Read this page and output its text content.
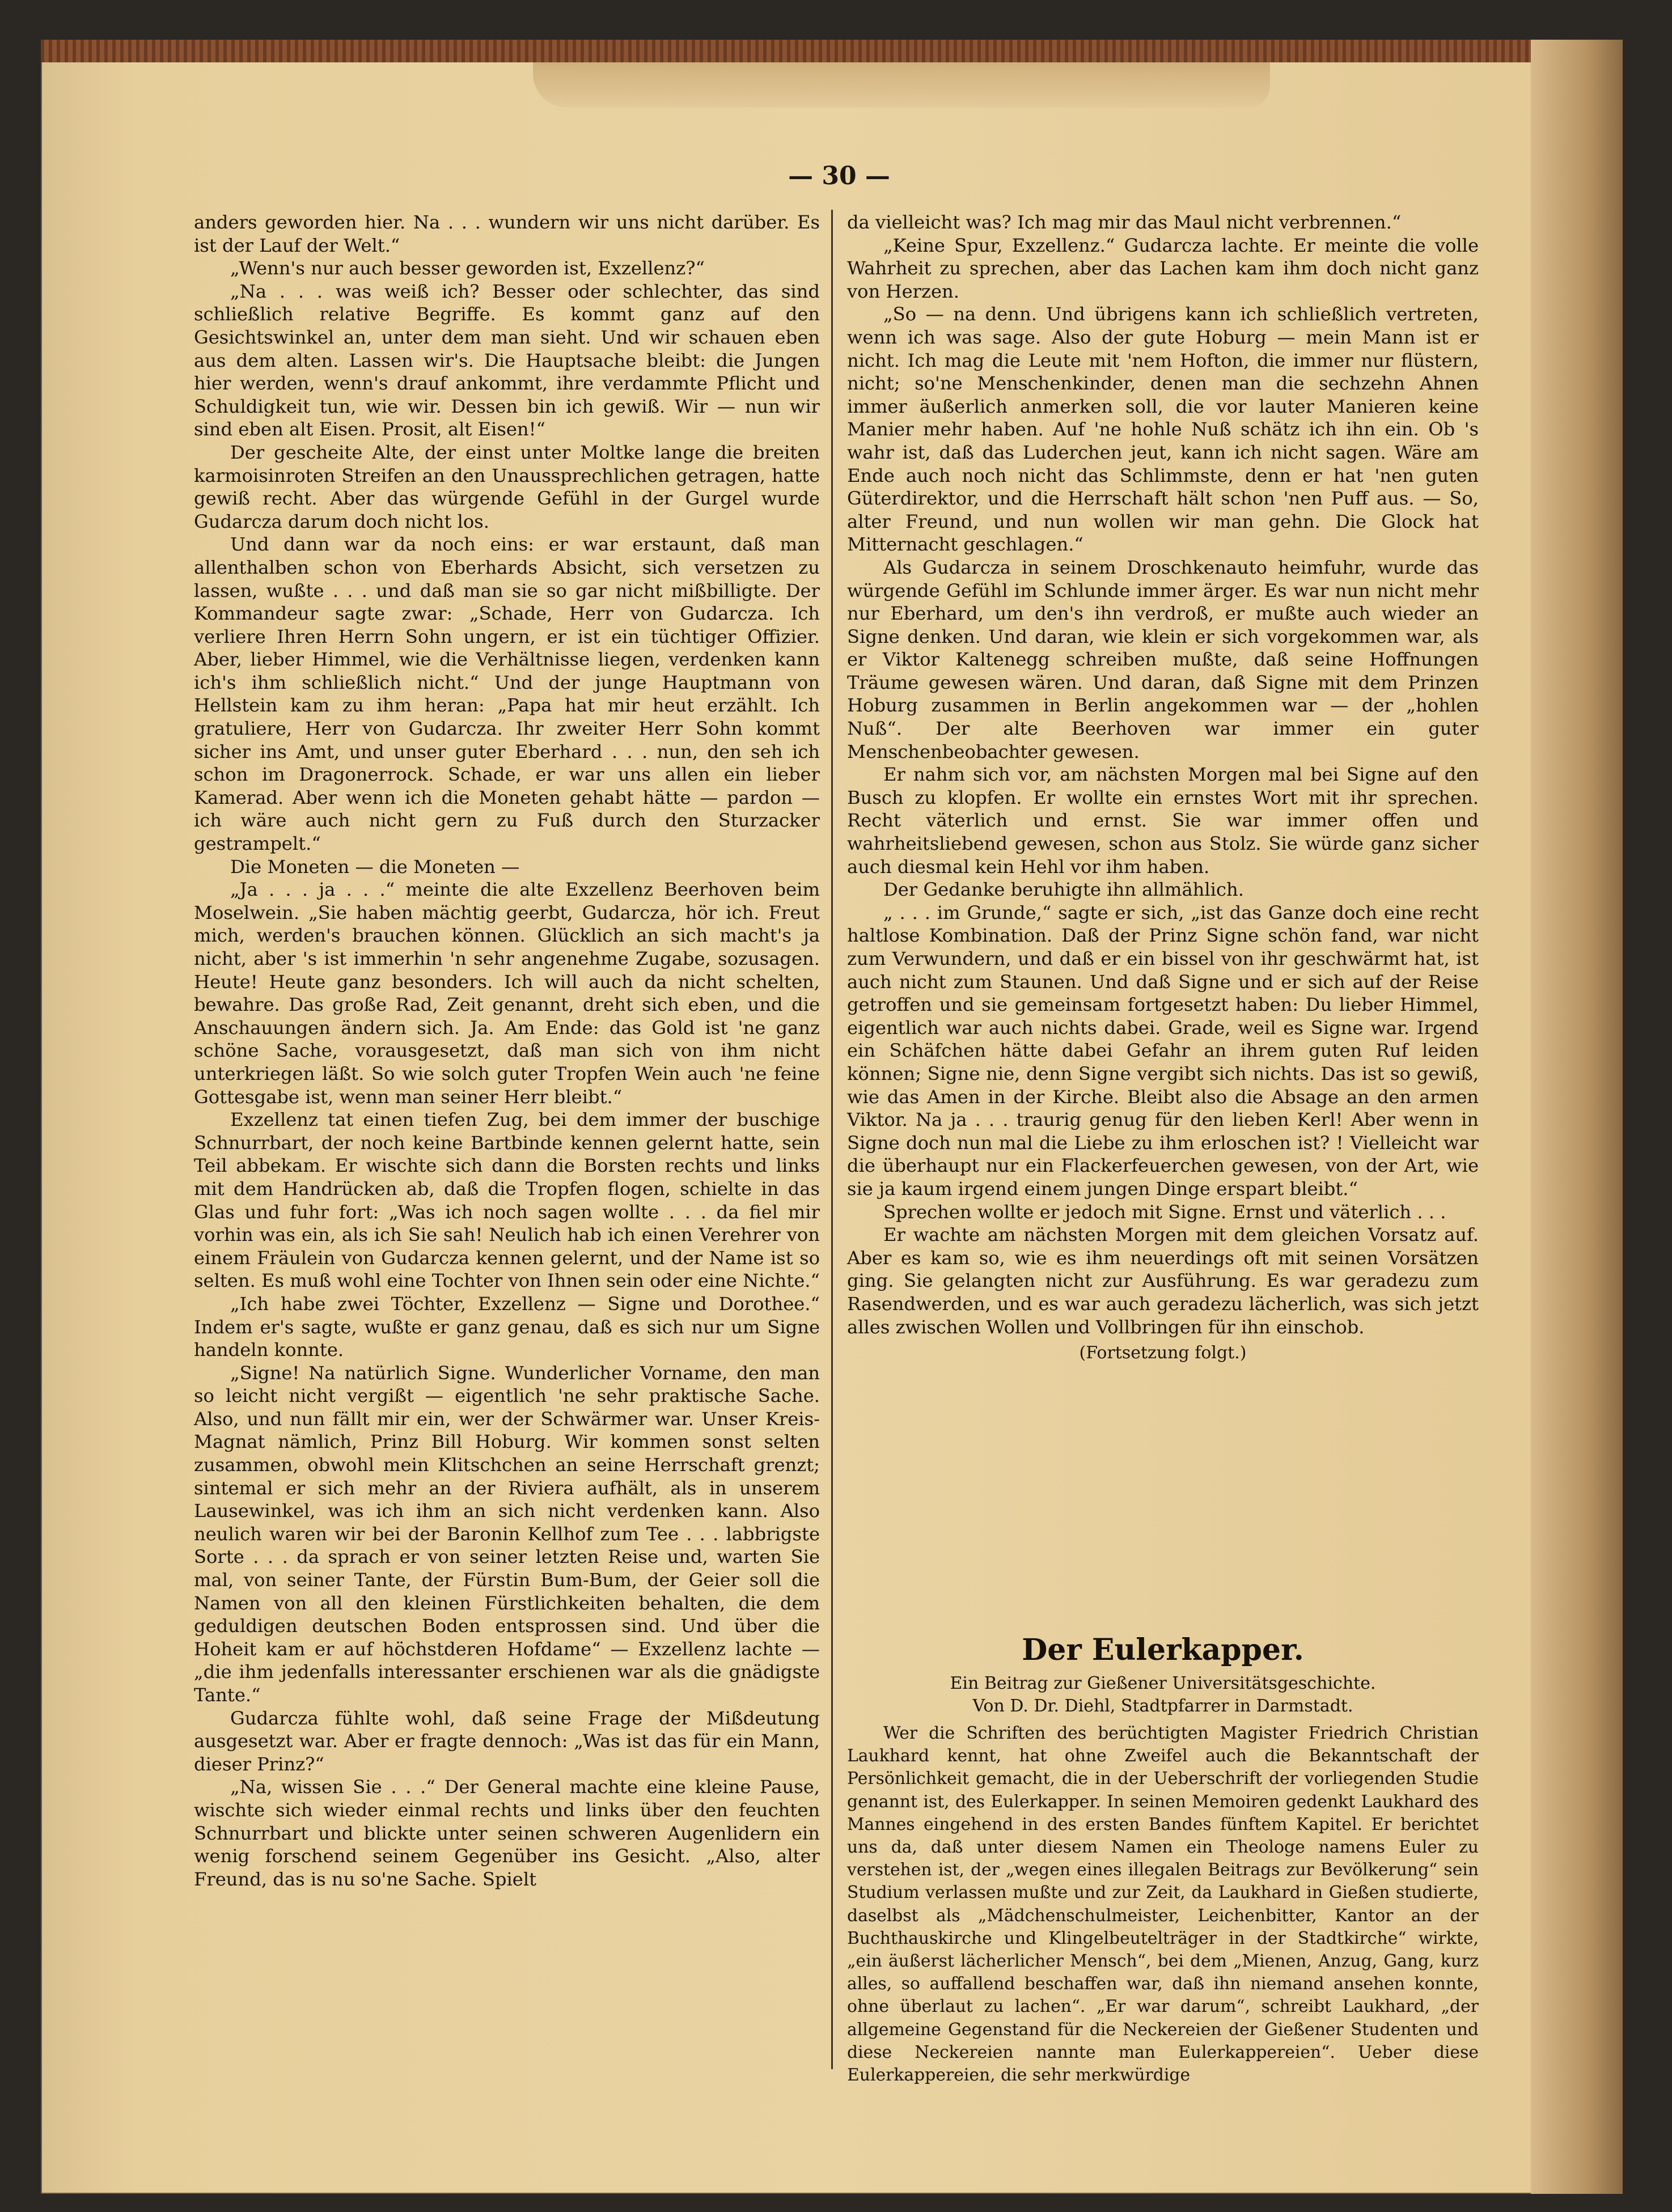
— 30 —

anders geworden hier. Na . . . wundern wir uns nicht darüber. Es ist der Lauf der Welt.“

„Wenn's nur auch besser geworden ist, Exzellenz?“

„Na . . . was weiß ich? Besser oder schlechter, das sind schließlich relative Begriffe. Es kommt ganz auf den Gesichtswinkel an, unter dem man sieht. Und wir schauen eben aus dem alten. Lassen wir's. Die Hauptsache bleibt: die Jungen hier werden, wenn's drauf ankommt, ihre verdammte Pflicht und Schuldigkeit tun, wie wir. Dessen bin ich gewiß. Wir — nun wir sind eben alt Eisen. Prosit, alt Eisen!“

Der gescheite Alte, der einst unter Moltke lange die breiten karmoisinroten Streifen an den Unaussprechlichen getragen, hatte gewiß recht. Aber das würgende Gefühl in der Gurgel wurde Gudarcza darum doch nicht los.

Und dann war da noch eins: er war erstaunt, daß man allenthalben schon von Eberhards Absicht, sich versetzen zu lassen, wußte . . . und daß man sie so gar nicht mißbilligte. Der Kommandeur sagte zwar: „Schade, Herr von Gudarcza. Ich verliere Ihren Herrn Sohn ungern, er ist ein tüchtiger Offizier. Aber, lieber Himmel, wie die Verhältnisse liegen, verdenken kann ich's ihm schließlich nicht.“ Und der junge Hauptmann von Hellstein kam zu ihm heran: „Papa hat mir heut erzählt. Ich gratuliere, Herr von Gudarcza. Ihr zweiter Herr Sohn kommt sicher ins Amt, und unser guter Eberhard . . . nun, den seh ich schon im Dragonerrock. Schade, er war uns allen ein lieber Kamerad. Aber wenn ich die Moneten gehabt hätte — pardon — ich wäre auch nicht gern zu Fuß durch den Sturzacker gestrampelt.“

Die Moneten — die Moneten —

„Ja . . . ja . . .“ meinte die alte Exzellenz Beerhoven beim Moselwein. „Sie haben mächtig geerbt, Gudarcza, hör ich. Freut mich, werden's brauchen können. Glücklich an sich macht's ja nicht, aber 's ist immerhin 'n sehr angenehme Zugabe, sozusagen. Heute! Heute ganz besonders. Ich will auch da nicht schelten, bewahre. Das große Rad, Zeit genannt, dreht sich eben, und die Anschauungen ändern sich. Ja. Am Ende: das Gold ist 'ne ganz schöne Sache, vorausgesetzt, daß man sich von ihm nicht unterkriegen läßt. So wie solch guter Tropfen Wein auch 'ne feine Gottesgabe ist, wenn man seiner Herr bleibt.“

Exzellenz tat einen tiefen Zug, bei dem immer der buschige Schnurrbart, der noch keine Bartbinde kennen gelernt hatte, sein Teil abbekam. Er wischte sich dann die Borsten rechts und links mit dem Handrücken ab, daß die Tropfen flogen, schielte in das Glas und fuhr fort: „Was ich noch sagen wollte . . . da fiel mir vorhin was ein, als ich Sie sah! Neulich hab ich einen Verehrer von einem Fräulein von Gudarcza kennen gelernt, und der Name ist so selten. Es muß wohl eine Tochter von Ihnen sein oder eine Nichte.“

„Ich habe zwei Töchter, Exzellenz — Signe und Dorothee.“ Indem er's sagte, wußte er ganz genau, daß es sich nur um Signe handeln konnte.

„Signe! Na natürlich Signe. Wunderlicher Vorname, den man so leicht nicht vergißt — eigentlich 'ne sehr praktische Sache. Also, und nun fällt mir ein, wer der Schwärmer war. Unser Kreis-Magnat nämlich, Prinz Bill Hoburg. Wir kommen sonst selten zusammen, obwohl mein Klitschchen an seine Herrschaft grenzt; sintemal er sich mehr an der Riviera aufhält, als in unserem Lausewinkel, was ich ihm an sich nicht verdenken kann. Also neulich waren wir bei der Baronin Kellhof zum Tee . . . labbrigste Sorte . . . da sprach er von seiner letzten Reise und, warten Sie mal, von seiner Tante, der Fürstin Bum-Bum, der Geier soll die Namen von all den kleinen Fürstlichkeiten behalten, die dem geduldigen deutschen Boden entsprossen sind. Und über die Hoheit kam er auf höchstderen Hofdame“ — Exzellenz lachte — „die ihm jedenfalls interessanter erschienen war als die gnädigste Tante.“

Gudarcza fühlte wohl, daß seine Frage der Mißdeutung ausgesetzt war. Aber er fragte dennoch: „Was ist das für ein Mann, dieser Prinz?“

„Na, wissen Sie . . .“ Der General machte eine kleine Pause, wischte sich wieder einmal rechts und links über den feuchten Schnurrbart und blickte unter seinen schweren Augenlidern ein wenig forschend seinem Gegenüber ins Gesicht. „Also, alter Freund, das is nu so'ne Sache. Spielt

da vielleicht was? Ich mag mir das Maul nicht verbrennen.“

„Keine Spur, Exzellenz.“ Gudarcza lachte. Er meinte die volle Wahrheit zu sprechen, aber das Lachen kam ihm doch nicht ganz von Herzen.

„So — na denn. Und übrigens kann ich schließlich vertreten, wenn ich was sage. Also der gute Hoburg — mein Mann ist er nicht. Ich mag die Leute mit 'nem Hofton, die immer nur flüstern, nicht; so'ne Menschenkinder, denen man die sechzehn Ahnen immer äußerlich anmerken soll, die vor lauter Manieren keine Manier mehr haben. Auf 'ne hohle Nuß schätz ich ihn ein. Ob 's wahr ist, daß das Luderchen jeut, kann ich nicht sagen. Wäre am Ende auch noch nicht das Schlimmste, denn er hat 'nen guten Güterdirektor, und die Herrschaft hält schon 'nen Puff aus. — So, alter Freund, und nun wollen wir man gehn. Die Glock hat Mitternacht geschlagen.“

Als Gudarcza in seinem Droschkenauto heimfuhr, wurde das würgende Gefühl im Schlunde immer ärger. Es war nun nicht mehr nur Eberhard, um den's ihn verdroß, er mußte auch wieder an Signe denken. Und daran, wie klein er sich vorgekommen war, als er Viktor Kaltenegg schreiben mußte, daß seine Hoffnungen Träume gewesen wären. Und daran, daß Signe mit dem Prinzen Hoburg zusammen in Berlin angekommen war — der „hohlen Nuß“. Der alte Beerhoven war immer ein guter Menschenbeobachter gewesen.

Er nahm sich vor, am nächsten Morgen mal bei Signe auf den Busch zu klopfen. Er wollte ein ernstes Wort mit ihr sprechen. Recht väterlich und ernst. Sie war immer offen und wahrheitsliebend gewesen, schon aus Stolz. Sie würde ganz sicher auch diesmal kein Hehl vor ihm haben.

Der Gedanke beruhigte ihn allmählich.

„ . . . im Grunde,“ sagte er sich, „ist das Ganze doch eine recht haltlose Kombination. Daß der Prinz Signe schön fand, war nicht zum Verwundern, und daß er ein bissel von ihr geschwärmt hat, ist auch nicht zum Staunen. Und daß Signe und er sich auf der Reise getroffen und sie gemeinsam fortgesetzt haben: Du lieber Himmel, eigentlich war auch nichts dabei. Grade, weil es Signe war. Irgend ein Schäfchen hätte dabei Gefahr an ihrem guten Ruf leiden können; Signe nie, denn Signe vergibt sich nichts. Das ist so gewiß, wie das Amen in der Kirche. Bleibt also die Absage an den armen Viktor. Na ja . . . traurig genug für den lieben Kerl! Aber wenn in Signe doch nun mal die Liebe zu ihm erloschen ist? ! Vielleicht war die überhaupt nur ein Flackerfeuerchen gewesen, von der Art, wie sie ja kaum irgend einem jungen Dinge erspart bleibt.“

Sprechen wollte er jedoch mit Signe. Ernst und väterlich . . .

Er wachte am nächsten Morgen mit dem gleichen Vorsatz auf. Aber es kam so, wie es ihm neuerdings oft mit seinen Vorsätzen ging. Sie gelangten nicht zur Ausführung. Es war geradezu zum Rasendwerden, und es war auch geradezu lächerlich, was sich jetzt alles zwischen Wollen und Vollbringen für ihn einschob.

(Fortsetzung folgt.)

Der Eulerkapper.
Ein Beitrag zur Gießener Universitätsgeschichte.
Von D. Dr. Diehl, Stadtpfarrer in Darmstadt.

Wer die Schriften des berüchtigten Magister Friedrich Christian Laukhard kennt, hat ohne Zweifel auch die Bekanntschaft der Persönlichkeit gemacht, die in der Ueberschrift der vorliegenden Studie genannt ist, des Eulerkapper. In seinen Memoiren gedenkt Laukhard des Mannes eingehend in des ersten Bandes fünftem Kapitel. Er berichtet uns da, daß unter diesem Namen ein Theologe namens Euler zu verstehen ist, der „wegen eines illegalen Beitrags zur Bevölkerung“ sein Studium verlassen mußte und zur Zeit, da Laukhard in Gießen studierte, daselbst als „Mädchenschulmeister, Leichenbitter, Kantor an der Buchthauskirche und Klingelbeutelträger in der Stadtkirche“ wirkte, „ein äußerst lächerlicher Mensch“, bei dem „Mienen, Anzug, Gang, kurz alles, so auffallend beschaffen war, daß ihn niemand ansehen konnte, ohne überlaut zu lachen“. „Er war darum“, schreibt Laukhard, „der allgemeine Gegenstand für die Neckereien der Gießener Studenten und diese Neckereien nannte man Eulerkappereien“. Ueber diese Eulerkappereien, die sehr merkwürdige
